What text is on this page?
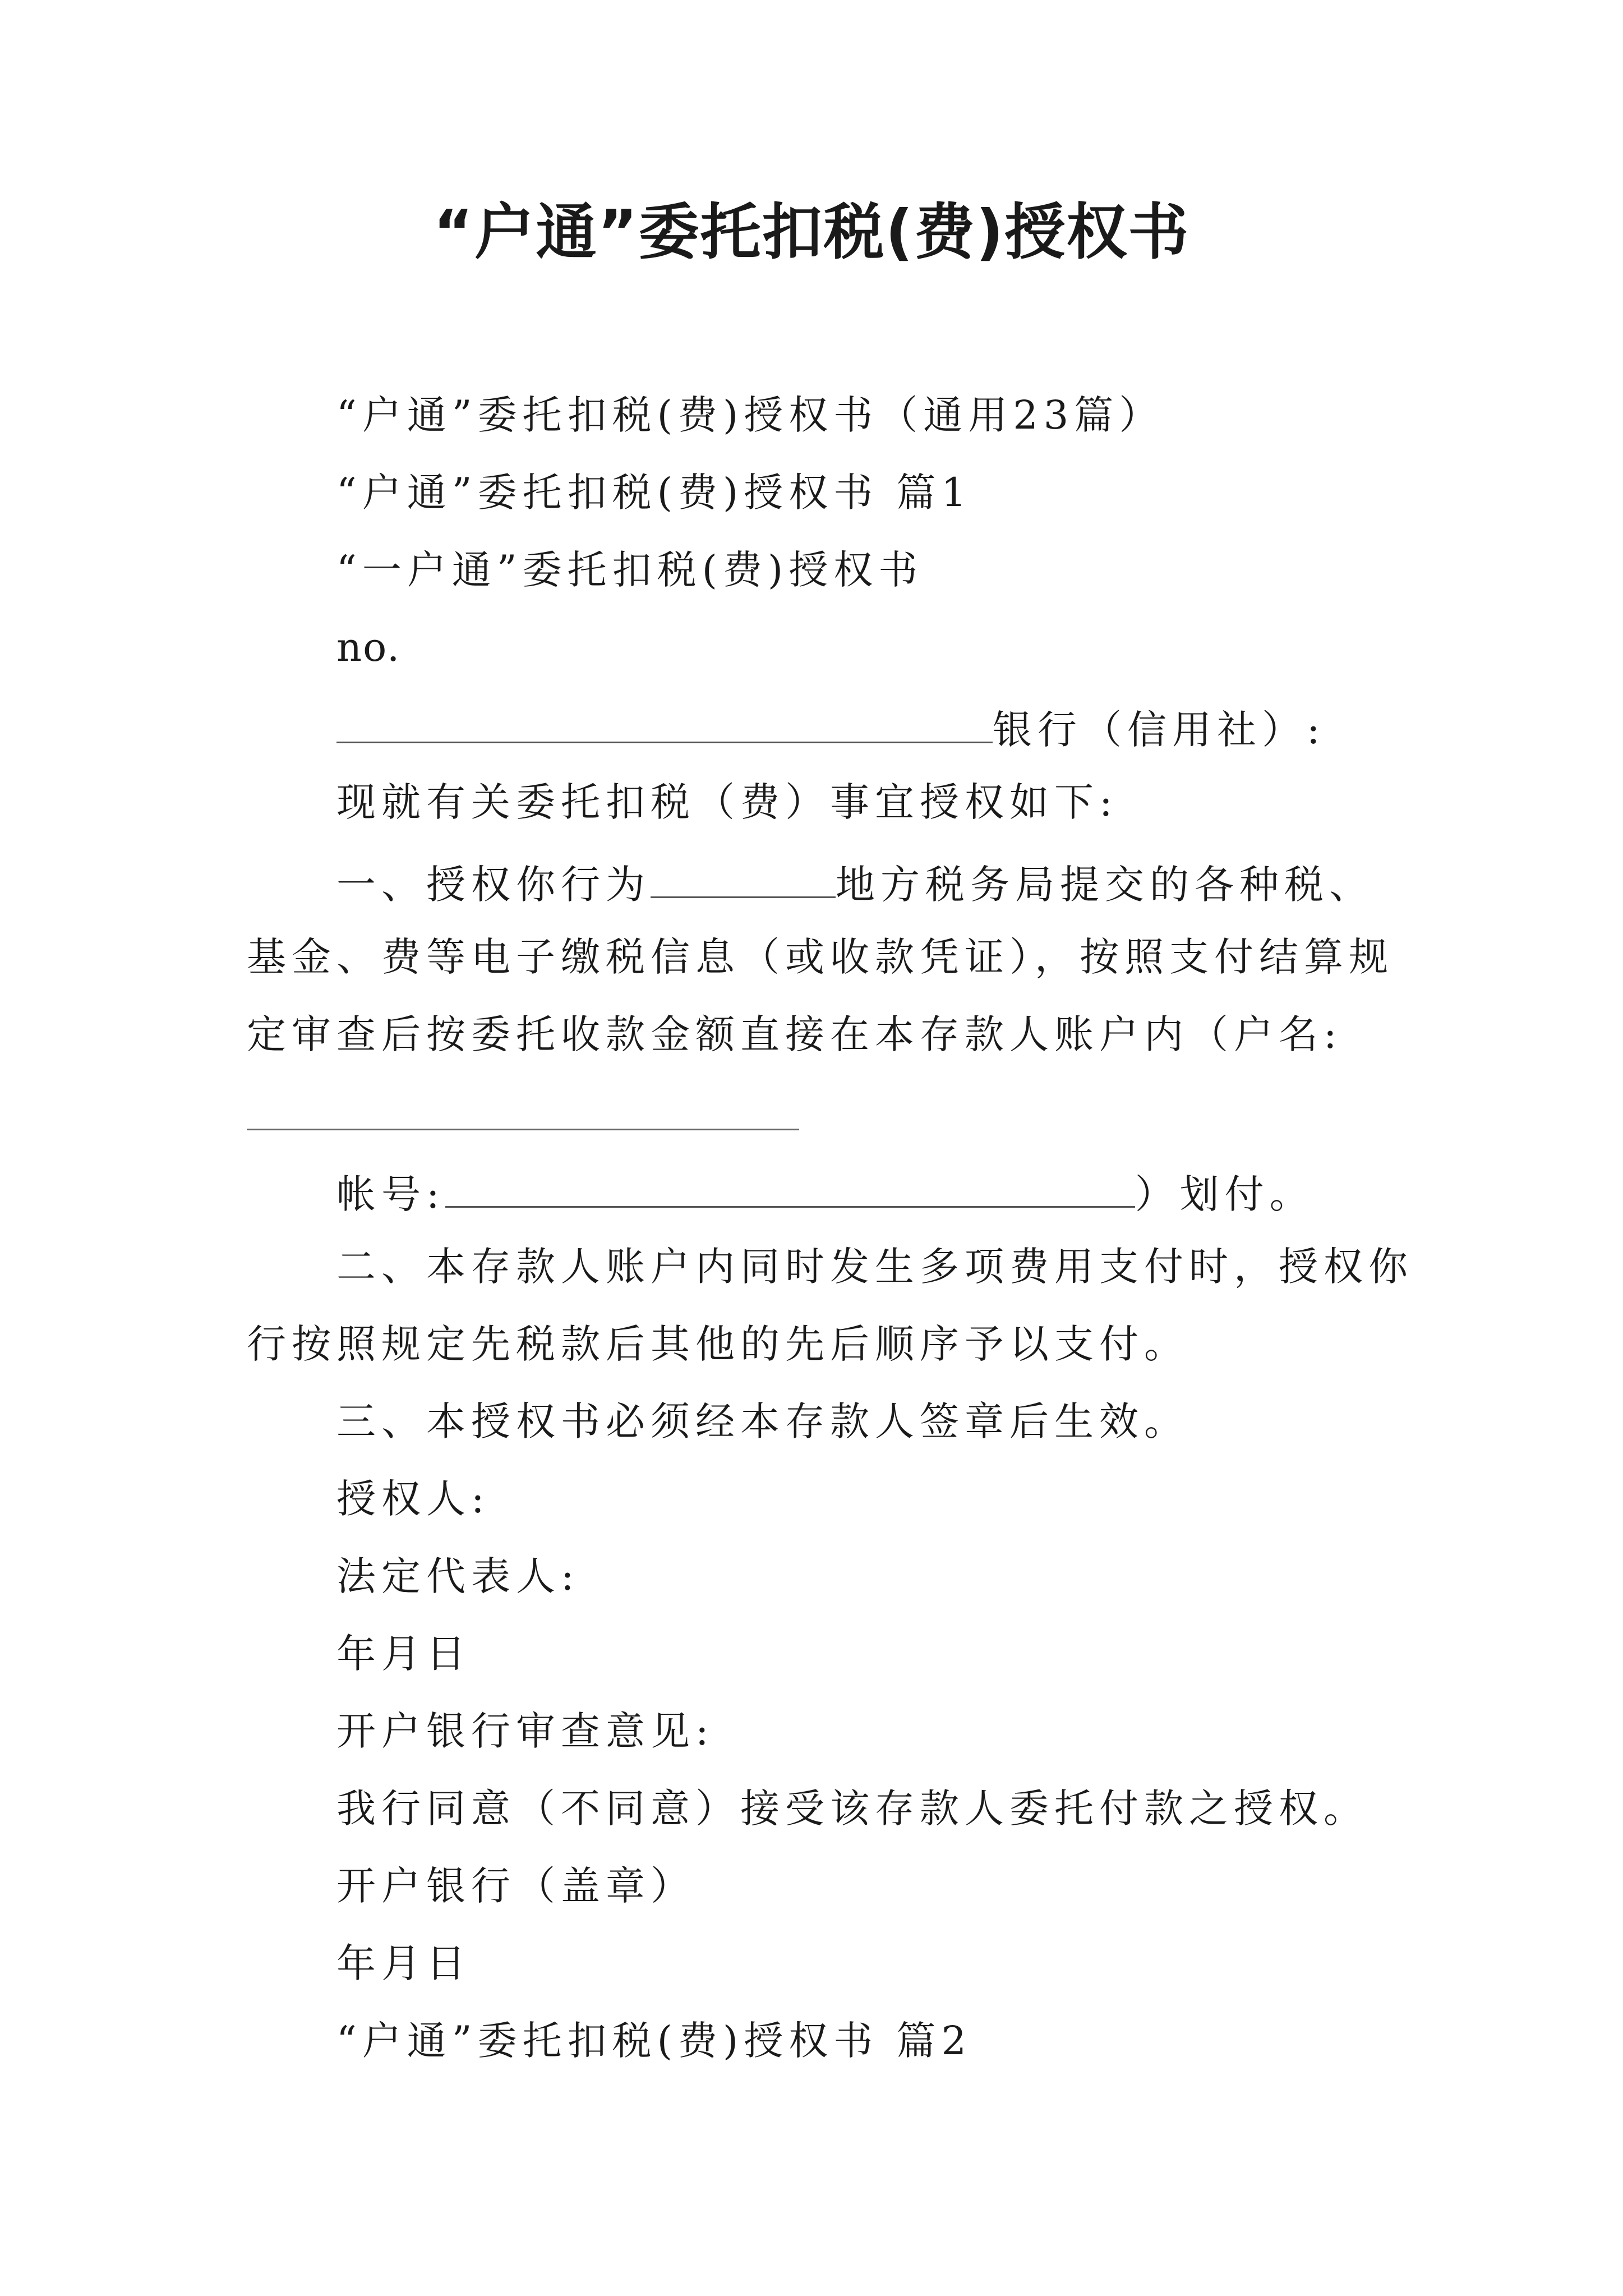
“户通”委托扣税(费)授权书

“户通”委托扣税(费)授权书（通用23篇）

“户通”委托扣税(费)授权书 篇1

“一户通”委托扣税(费)授权书

no.

银行（信用社）:

现就有关委托扣税（费）事宜授权如下:

一、授权你行为	地方税务局提交的各种税、

基金、费等电子缴税信息（或收款凭证），按照支付结算规

定审查后按委托收款金额直接在本存款人账户内（户名:

帐号:	）划付。

二、本存款人账户内同时发生多项费用支付时，授权你

行按照规定先税款后其他的先后顺序予以支付。

三、本授权书必须经本存款人签章后生效。

授权人:

法定代表人:

年月日

开户银行审查意见:

我行同意（不同意）接受该存款人委托付款之授权。

开户银行（盖章）

年月日

“户通”委托扣税(费)授权书 篇2
